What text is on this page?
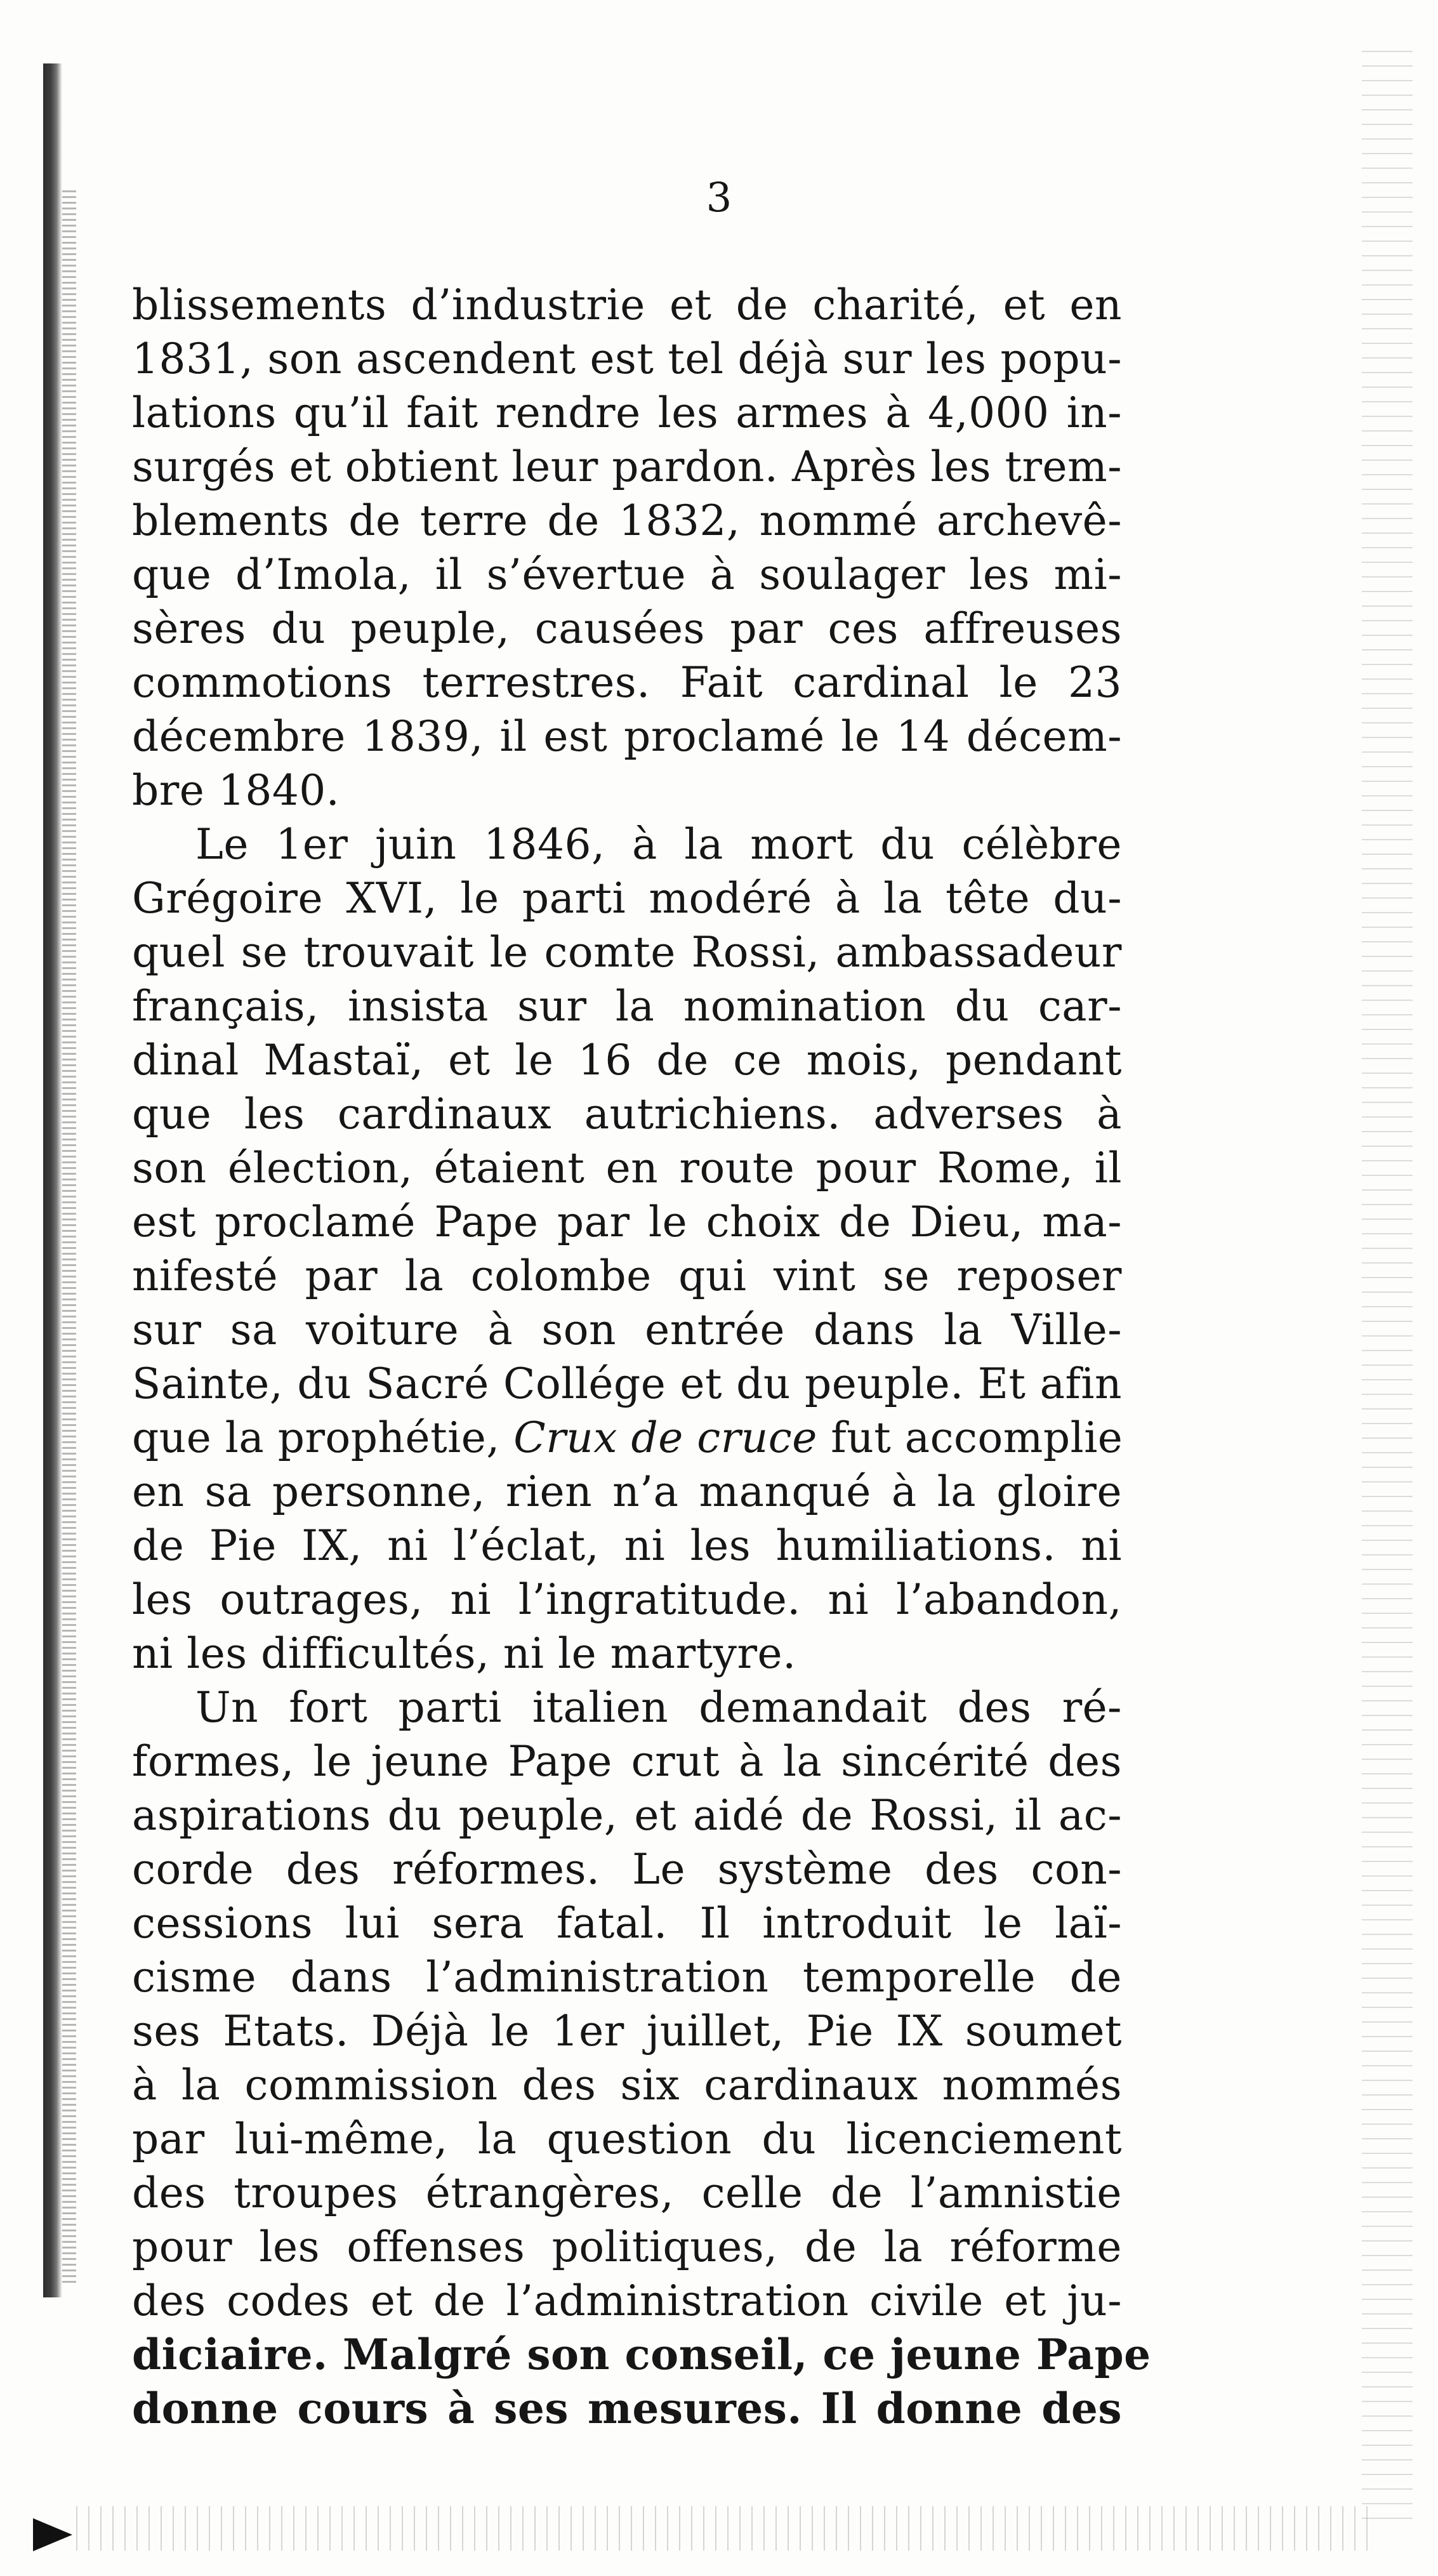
3
blissements d’industrie et de charité, et en
1831, son ascendent est tel déjà sur les popu-
lations qu’il fait rendre les armes à 4,000 in-
surgés et obtient leur pardon. Après les trem-
blements de terre de 1832, nommé archevê-
que d’Imola, il s’évertue à soulager les mi-
sères du peuple, causées par ces affreuses
commotions terrestres. Fait cardinal le 23
décembre 1839, il est proclamé le 14 décem-
bre 1840.
Le 1er juin 1846, à la mort du célèbre
Grégoire XVI, le parti modéré à la tête du-
quel se trouvait le comte Rossi, ambassadeur
français, insista sur la nomination du car-
dinal Mastaï, et le 16 de ce mois, pendant
que les cardinaux autrichiens. adverses à
son élection, étaient en route pour Rome, il
est proclamé Pape par le choix de Dieu, ma-
nifesté par la colombe qui vint se reposer
sur sa voiture à son entrée dans la Ville-
Sainte, du Sacré Collége et du peuple. Et afin
que la prophétie, Crux de cruce fut accomplie
en sa personne, rien n’a manqué à la gloire
de Pie IX, ni l’éclat, ni les humiliations. ni
les outrages, ni l’ingratitude. ni l’abandon,
ni les difficultés, ni le martyre.
Un fort parti italien demandait des ré-
formes, le jeune Pape crut à la sincérité des
aspirations du peuple, et aidé de Rossi, il ac-
corde des réformes. Le système des con-
cessions lui sera fatal. Il introduit le laï-
cisme dans l’administration temporelle de
ses Etats. Déjà le 1er juillet, Pie IX soumet
à la commission des six cardinaux nommés
par lui-même, la question du licenciement
des troupes étrangères, celle de l’amnistie
pour les offenses politiques, de la réforme
des codes et de l’administration civile et ju-
diciaire. Malgré son conseil, ce jeune Pape
donne cours à ses mesures. Il donne des
